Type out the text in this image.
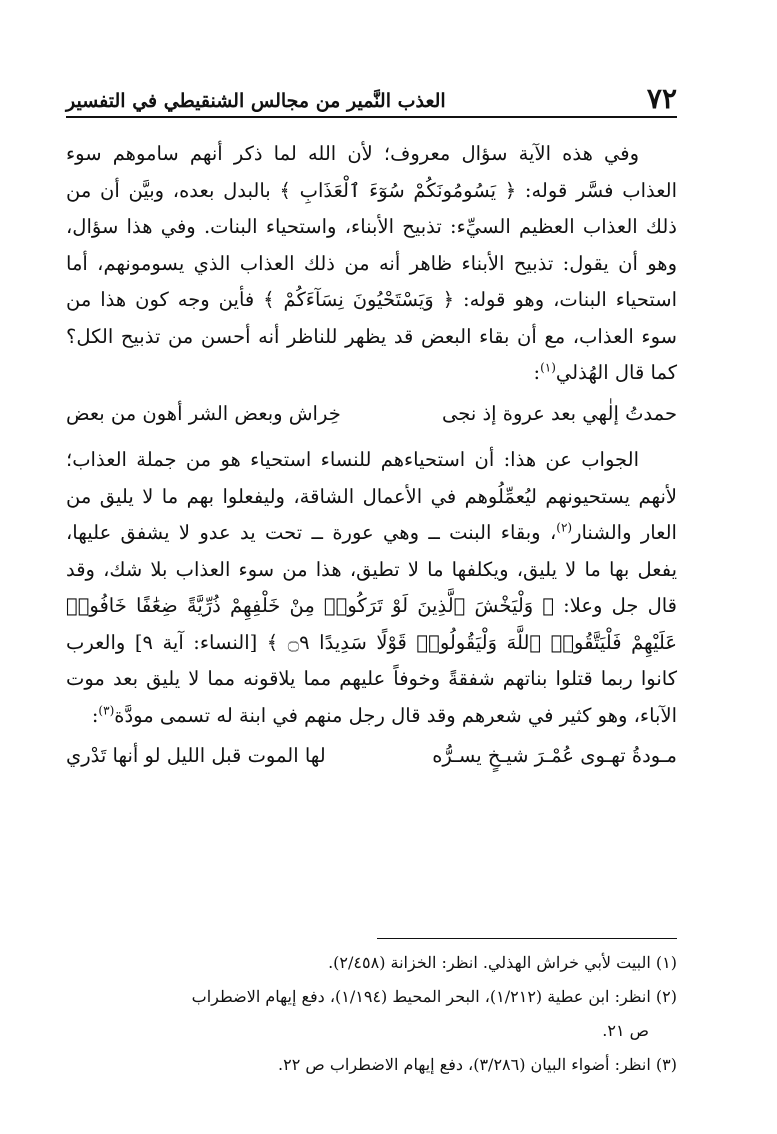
٧٢
العذب النَّمير من مجالس الشنقيطي في التفسير

وفي هذه الآية سؤال معروف؛ لأن الله لما ذكر أنهم ساموهم سوء العذاب فسَّر قوله: ﴿ يَسُومُونَكُمْ سُوٓءَ ٱلْعَذَابِ ﴾ بالبدل بعده، وبيَّن أن من ذلك العذاب العظيم السيِّء: تذبيح الأبناء، واستحياء البنات. وفي هذا سؤال، وهو أن يقول: تذبيح الأبناء ظاهر أنه من ذلك العذاب الذي يسومونهم، أما استحياء البنات، وهو قوله: ﴿ وَيَسْتَحْيُونَ نِسَآءَكُمْ ﴾ فأين وجه كون هذا من سوء العذاب، مع أن بقاء البعض قد يظهر للناظر أنه أحسن من تذبيح الكل؟ كما قال الهُذلي$^{(١)}$:

حمدتُ إلٰهي بعد عروة إذ نجى
خِراش وبعض الشر أهون من بعض

الجواب عن هذا: أن استحياءهم للنساء استحياء هو من جملة العذاب؛ لأنهم يستحيونهم ليُعمِّلُوهم في الأعمال الشاقة، وليفعلوا بهم ما لا يليق من العار والشنار$^{(٢)}$، وبقاء البنت ــ وهي عورة ــ تحت يد عدو لا يشفق عليها، يفعل بها ما لا يليق، ويكلفها ما لا تطيق، هذا من سوء العذاب بلا شك، وقد قال جل وعلا: ﴿ وَلْيَخْشَ ٱلَّذِينَ لَوْ تَرَكُوا۟ مِنْ خَلْفِهِمْ ذُرِّيَّةً ضِعَٰفًا خَافُوا۟ عَلَيْهِمْ فَلْيَتَّقُوا۟ ٱللَّهَ وَلْيَقُولُوا۟ قَوْلًا سَدِيدًا ۝٩ ﴾ [النساء: آية ٩] والعرب كانوا ربما قتلوا بناتهم شفقةً وخوفاً عليهم مما يلاقونه مما لا يليق بعد موت الآباء، وهو كثير في شعرهم وقد قال رجل منهم في ابنة له تسمى مودَّة$^{(٣)}$:

مـودةُ تهـوى عُمْـرَ شيـخٍ يسـرُّه
لها الموت قبل الليل لو أنها تَدْري

(١) البيت لأبي خراش الهذلي. انظر: الخزانة (٢/٤٥٨).

(٢) انظر: ابن عطية (١/٢١٢)، البحر المحيط (١/١٩٤)، دفع إيهام الاضطراب

ص ٢١.

(٣) انظر: أضواء البيان (٣/٢٨٦)، دفع إيهام الاضطراب ص ٢٢.
